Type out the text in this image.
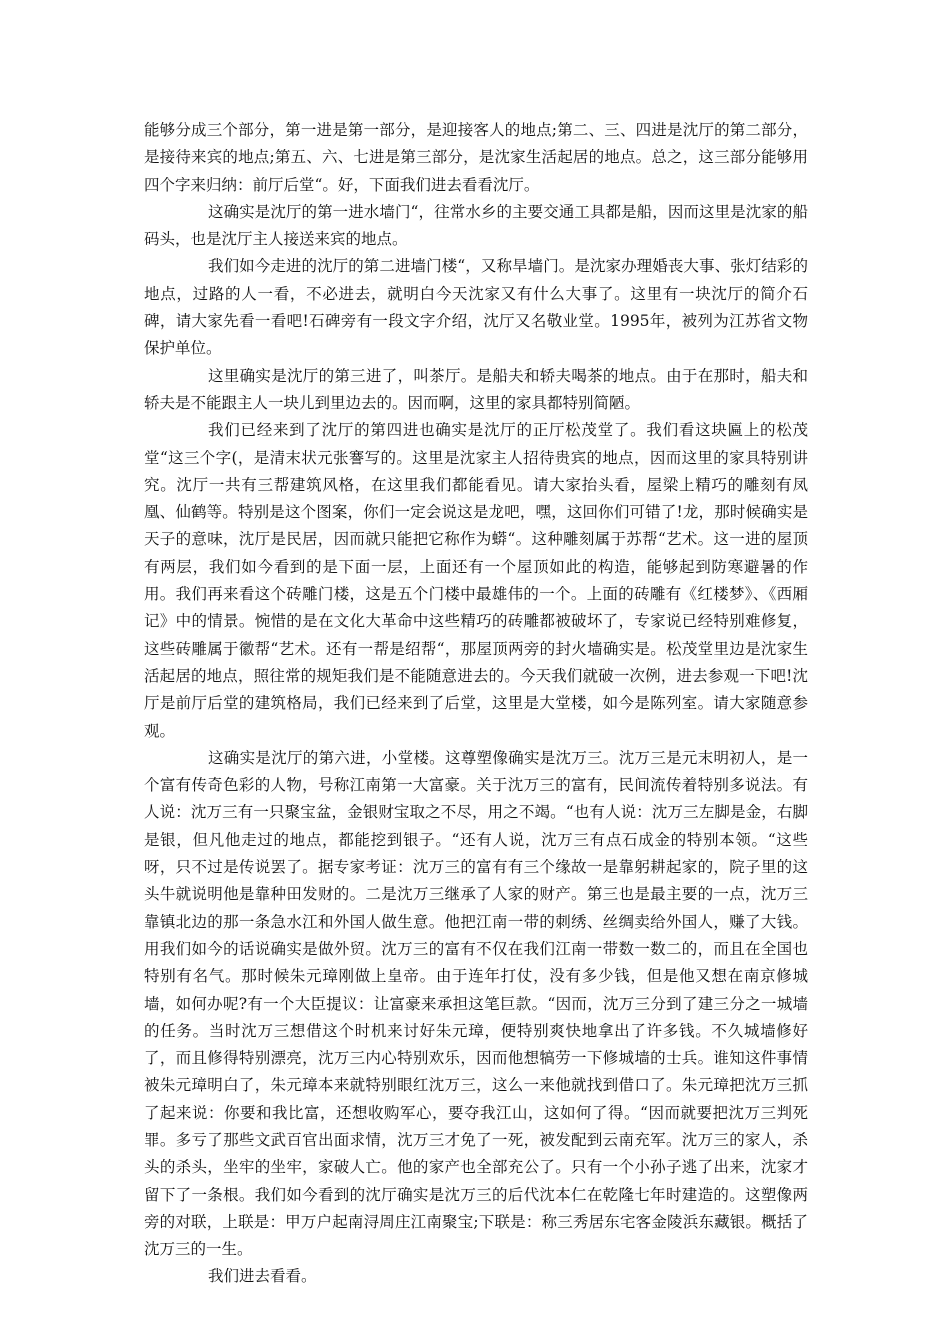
能够分成三个部分，第一进是第一部分，是迎接客人的地点;第二、三、四进是沈厅的第二部分，是接待来宾的地点;第五、六、七进是第三部分，是沈家生活起居的地点。总之，这三部分能够用四个字来归纳：前厅后堂“。好，下面我们进去看看沈厅。

这确实是沈厅的第一进水墙门“，往常水乡的主要交通工具都是船，因而这里是沈家的船码头，也是沈厅主人接送来宾的地点。

我们如今走进的沈厅的第二进墙门楼“，又称旱墙门。是沈家办理婚丧大事、张灯结彩的地点，过路的人一看，不必进去，就明白今天沈家又有什么大事了。这里有一块沈厅的简介石碑，请大家先看一看吧!石碑旁有一段文字介绍，沈厅又名敬业堂。1995年，被列为江苏省文物保护单位。

这里确实是沈厅的第三进了，叫茶厅。是船夫和轿夫喝茶的地点。由于在那时，船夫和轿夫是不能跟主人一块儿到里边去的。因而啊，这里的家具都特别简陋。

我们已经来到了沈厅的第四进也确实是沈厅的正厅松茂堂了。我们看这块匾上的松茂堂“这三个字(，是清末状元张謇写的。这里是沈家主人招待贵宾的地点，因而这里的家具特别讲究。沈厅一共有三帮建筑风格，在这里我们都能看见。请大家抬头看，屋梁上精巧的雕刻有凤凰、仙鹤等。特别是这个图案，你们一定会说这是龙吧，嘿，这回你们可错了!龙，那时候确实是天子的意味，沈厅是民居，因而就只能把它称作为蟒“。这种雕刻属于苏帮“艺术。这一进的屋顶有两层，我们如今看到的是下面一层，上面还有一个屋顶如此的构造，能够起到防寒避暑的作用。我们再来看这个砖雕门楼，这是五个门楼中最雄伟的一个。上面的砖雕有《红楼梦》、《西厢记》中的情景。惋惜的是在文化大革命中这些精巧的砖雕都被破坏了，专家说已经特别难修复，这些砖雕属于徽帮“艺术。还有一帮是绍帮“，那屋顶两旁的封火墙确实是。松茂堂里边是沈家生活起居的地点，照往常的规矩我们是不能随意进去的。今天我们就破一次例，进去参观一下吧!沈厅是前厅后堂的建筑格局，我们已经来到了后堂，这里是大堂楼，如今是陈列室。请大家随意参观。

这确实是沈厅的第六进，小堂楼。这尊塑像确实是沈万三。沈万三是元末明初人，是一个富有传奇色彩的人物，号称江南第一大富豪。关于沈万三的富有，民间流传着特别多说法。有人说：沈万三有一只聚宝盆，金银财宝取之不尽，用之不竭。“也有人说：沈万三左脚是金，右脚是银，但凡他走过的地点，都能挖到银子。“还有人说，沈万三有点石成金的特别本领。“这些呀，只不过是传说罢了。据专家考证：沈万三的富有有三个缘故一是靠躬耕起家的，院子里的这头牛就说明他是靠种田发财的。二是沈万三继承了人家的财产。第三也是最主要的一点，沈万三靠镇北边的那一条急水江和外国人做生意。他把江南一带的刺绣、丝绸卖给外国人，赚了大钱。用我们如今的话说确实是做外贸。沈万三的富有不仅在我们江南一带数一数二的，而且在全国也特别有名气。那时候朱元璋刚做上皇帝。由于连年打仗，没有多少钱，但是他又想在南京修城墙，如何办呢?有一个大臣提议：让富豪来承担这笔巨款。“因而，沈万三分到了建三分之一城墙的任务。当时沈万三想借这个时机来讨好朱元璋，便特别爽快地拿出了许多钱。不久城墙修好了，而且修得特别漂亮，沈万三内心特别欢乐，因而他想犒劳一下修城墙的士兵。谁知这件事情被朱元璋明白了，朱元璋本来就特别眼红沈万三，这么一来他就找到借口了。朱元璋把沈万三抓了起来说：你要和我比富，还想收购军心，要夺我江山，这如何了得。“因而就要把沈万三判死罪。多亏了那些文武百官出面求情，沈万三才免了一死，被发配到云南充军。沈万三的家人，杀头的杀头，坐牢的坐牢，家破人亡。他的家产也全部充公了。只有一个小孙子逃了出来，沈家才留下了一条根。我们如今看到的沈厅确实是沈万三的后代沈本仁在乾隆七年时建造的。这塑像两旁的对联，上联是：甲万户起南浔周庄江南聚宝;下联是：称三秀居东宅客金陵浜东藏银。概括了沈万三的一生。

我们进去看看。
